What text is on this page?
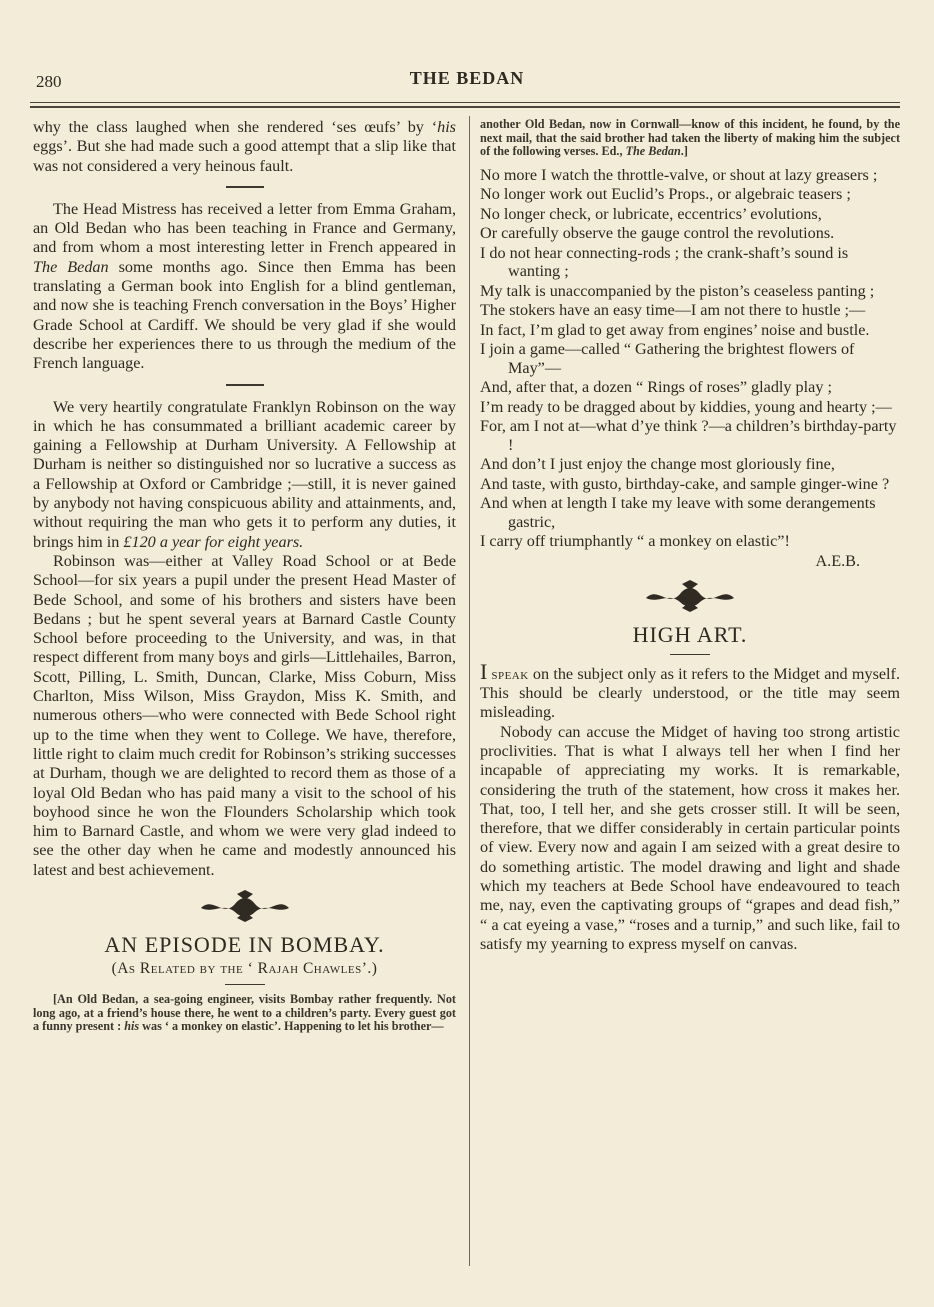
280	THE BEDAN

why the class laughed when she rendered ‘ses œufs’ by ‘his eggs’. But she had made such a good attempt that a slip like that was not considered a very heinous fault.

The Head Mistress has received a letter from Emma Graham, an Old Bedan who has been teaching in France and Germany, and from whom a most interesting letter in French appeared in The Bedan some months ago. Since then Emma has been translating a German book into English for a blind gentleman, and now she is teaching French conversation in the Boys’ Higher Grade School at Cardiff. We should be very glad if she would describe her experiences there to us through the medium of the French language.

We very heartily congratulate Franklyn Robinson on the way in which he has consummated a brilliant academic career by gaining a Fellowship at Durham University. A Fellowship at Durham is neither so distinguished nor so lucrative a success as a Fellowship at Oxford or Cambridge ;—still, it is never gained by anybody not having conspicuous ability and attainments, and, without requiring the man who gets it to perform any duties, it brings him in £120 a year for eight years.

Robinson was—either at Valley Road School or at Bede School—for six years a pupil under the present Head Master of Bede School, and some of his brothers and sisters have been Bedans ; but he spent several years at Barnard Castle County School before proceeding to the University, and was, in that respect different from many boys and girls—Littlehailes, Barron, Scott, Pilling, L. Smith, Duncan, Clarke, Miss Coburn, Miss Charlton, Miss Wilson, Miss Graydon, Miss K. Smith, and numerous others—who were connected with Bede School right up to the time when they went to College. We have, therefore, little right to claim much credit for Robinson’s striking successes at Durham, though we are delighted to record them as those of a loyal Old Bedan who has paid many a visit to the school of his boyhood since he won the Flounders Scholarship which took him to Barnard Castle, and whom we were very glad indeed to see the other day when he came and modestly announced his latest and best achievement.

AN EPISODE IN BOMBAY.
(As Related by the ‘ Rajah Chawles’.)

[An Old Bedan, a sea-going engineer, visits Bombay rather frequently. Not long ago, at a friend’s house there, he went to a children’s party. Every guest got a funny present : his was ‘ a monkey on elastic’. Happening to let his brother—

another Old Bedan, now in Cornwall—know of this incident, he found, by the next mail, that the said brother had taken the liberty of making him the subject of the following verses. Ed., The Bedan.]

No more I watch the throttle-valve, or shout at lazy greasers ;

No longer work out Euclid’s Props., or algebraic teasers ;

No longer check, or lubricate, eccentrics’ evolutions,

Or carefully observe the gauge control the revolutions.

I do not hear connecting-rods ; the crank-shaft’s sound is wanting ;

My talk is unaccompanied by the piston’s ceaseless panting ;

The stokers have an easy time—I am not there to hustle ;—

In fact, I’m glad to get away from engines’ noise and bustle.

I join a game—called “ Gathering the brightest flowers of May”—

And, after that, a dozen “ Rings of roses” gladly play ;

I’m ready to be dragged about by kiddies, young and hearty ;—

For, am I not at—what d’ye think ?—a children’s birthday-party !

And don’t I just enjoy the change most gloriously fine,

And taste, with gusto, birthday-cake, and sample ginger-wine ?

And when at length I take my leave with some derangements gastric,

I carry off triumphantly “ a monkey on elastic”!

A.E.B.
HIGH ART.

I speak on the subject only as it refers to the Midget and myself. This should be clearly understood, or the title may seem misleading.

Nobody can accuse the Midget of having too strong artistic proclivities. That is what I always tell her when I find her incapable of appreciating my works. It is remarkable, considering the truth of the statement, how cross it makes her. That, too, I tell her, and she gets crosser still. It will be seen, therefore, that we differ considerably in certain particular points of view. Every now and again I am seized with a great desire to do something artistic. The model drawing and light and shade which my teachers at Bede School have endeavoured to teach me, nay, even the captivating groups of “grapes and dead fish,” “ a cat eyeing a vase,” “roses and a turnip,” and such like, fail to satisfy my yearning to express myself on canvas.
